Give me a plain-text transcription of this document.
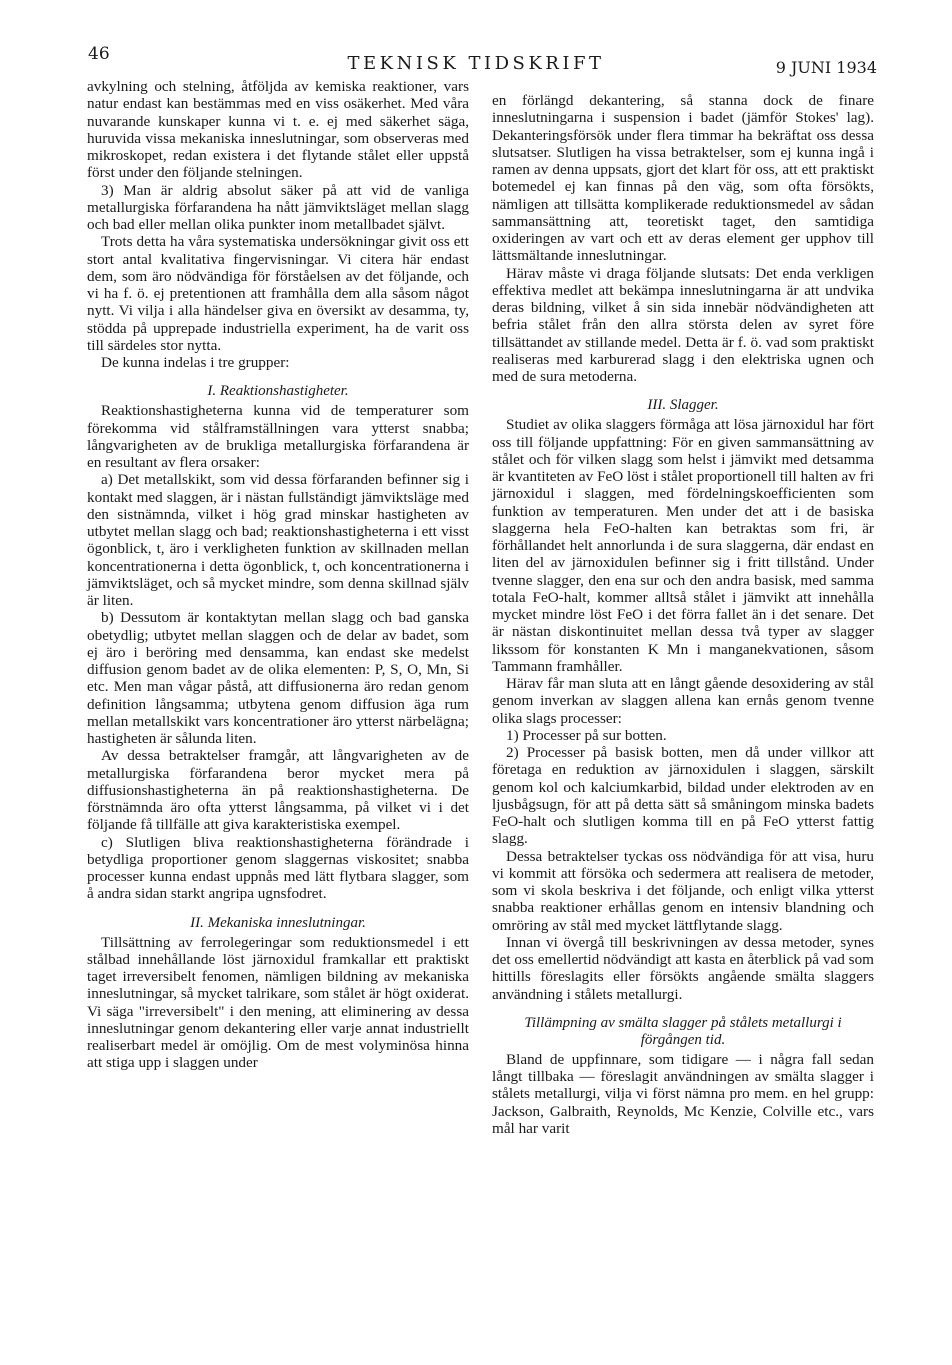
46	TEKNISK TIDSKRIFT	9 JUNI 1934

avkylning och stelning, åtföljda av kemiska reaktioner, vars natur endast kan bestämmas med en viss osäkerhet. Med våra nuvarande kunskaper kunna vi t. e. ej med säkerhet säga, huruvida vissa mekaniska inneslutningar, som observeras med mikroskopet, redan existera i det flytande stålet eller uppstå först under den följande stelningen.

3) Man är aldrig absolut säker på att vid de vanliga metallurgiska förfarandena ha nått jämviktsläget mellan slagg och bad eller mellan olika punkter inom metallbadet självt.

Trots detta ha våra systematiska undersökningar givit oss ett stort antal kvalitativa fingervisningar. Vi citera här endast dem, som äro nödvändiga för förståelsen av det följande, och vi ha f. ö. ej pretentionen att framhålla dem alla såsom något nytt. Vi vilja i alla händelser giva en översikt av desamma, ty, stödda på upprepade industriella experiment, ha de varit oss till särdeles stor nytta.

De kunna indelas i tre grupper:

I. Reaktionshastigheter.

Reaktionshastigheterna kunna vid de temperaturer som förekomma vid stålframställningen vara ytterst snabba; långvarigheten av de brukliga metallurgiska förfarandena är en resultant av flera orsaker:

a) Det metallskikt, som vid dessa förfaranden befinner sig i kontakt med slaggen, är i nästan fullständigt jämviktsläge med den sistnämnda, vilket i hög grad minskar hastigheten av utbytet mellan slagg och bad; reaktionshastigheterna i ett visst ögonblick, t, äro i verkligheten funktion av skillnaden mellan koncentrationerna i detta ögonblick, t, och koncentrationerna i jämviktsläget, och så mycket mindre, som denna skillnad själv är liten.

b) Dessutom är kontaktytan mellan slagg och bad ganska obetydlig; utbytet mellan slaggen och de delar av badet, som ej äro i beröring med densamma, kan endast ske medelst diffusion genom badet av de olika elementen: P, S, O, Mn, Si etc. Men man vågar påstå, att diffusionerna äro redan genom definition långsamma; utbytena genom diffusion äga rum mellan metallskikt vars koncentrationer äro ytterst närbelägna; hastigheten är sålunda liten.

Av dessa betraktelser framgår, att långvarigheten av de metallurgiska förfarandena beror mycket mera på diffusionshastigheterna än på reaktionshastigheterna. De förstnämnda äro ofta ytterst långsamma, på vilket vi i det följande få tillfälle att giva karakteristiska exempel.

c) Slutligen bliva reaktionshastigheterna förändrade i betydliga proportioner genom slaggernas viskositet; snabba processer kunna endast uppnås med lätt flytbara slagger, som å andra sidan starkt angripa ugnsfodret.

II. Mekaniska inneslutningar.

Tillsättning av ferrolegeringar som reduktionsmedel i ett stålbad innehållande löst järnoxidul framkallar ett praktiskt taget irreversibelt fenomen, nämligen bildning av mekaniska inneslutningar, så mycket talrikare, som stålet är högt oxiderat. Vi säga "irreversibelt" i den mening, att eliminering av dessa inneslutningar genom dekantering eller varje annat industriellt realiserbart medel är omöjlig. Om de mest volyminösa hinna att stiga upp i slaggen under

en förlängd dekantering, så stanna dock de finare inneslutningarna i suspension i badet (jämför Stokes' lag). Dekanteringsförsök under flera timmar ha bekräftat oss dessa slutsatser. Slutligen ha vissa betraktelser, som ej kunna ingå i ramen av denna uppsats, gjort det klart för oss, att ett praktiskt botemedel ej kan finnas på den väg, som ofta försökts, nämligen att tillsätta komplikerade reduktionsmedel av sådan sammansättning att, teoretiskt taget, den samtidiga oxideringen av vart och ett av deras element ger upphov till lättsmältande inneslutningar.

Härav måste vi draga följande slutsats: Det enda verkligen effektiva medlet att bekämpa inneslutningarna är att undvika deras bildning, vilket å sin sida innebär nödvändigheten att befria stålet från den allra största delen av syret före tillsättandet av stillande medel. Detta är f. ö. vad som praktiskt realiseras med karburerad slagg i den elektriska ugnen och med de sura metoderna.

III. Slagger.

Studiet av olika slaggers förmåga att lösa järnoxidul har fört oss till följande uppfattning: För en given sammansättning av stålet och för vilken slagg som helst i jämvikt med detsamma är kvantiteten av FeO löst i stålet proportionell till halten av fri järnoxidul i slaggen, med fördelningskoefficienten som funktion av temperaturen. Men under det att i de basiska slaggerna hela FeO-halten kan betraktas som fri, är förhållandet helt annorlunda i de sura slaggerna, där endast en liten del av järnoxidulen befinner sig i fritt tillstånd. Under tvenne slagger, den ena sur och den andra basisk, med samma totala FeO-halt, kommer alltså stålet i jämvikt att innehålla mycket mindre löst FeO i det förra fallet än i det senare. Det är nästan diskontinuitet mellan dessa två typer av slagger likssom för konstanten K Mn i manganekvationen, såsom Tammann framhåller.

Härav får man sluta att en långt gående desoxidering av stål genom inverkan av slaggen allena kan ernås genom tvenne olika slags processer:

1) Processer på sur botten.

2) Processer på basisk botten, men då under villkor att företaga en reduktion av järnoxidulen i slaggen, särskilt genom kol och kalciumkarbid, bildad under elektroden av en ljusbågsugn, för att på detta sätt så småningom minska badets FeO-halt och slutligen komma till en på FeO ytterst fattig slagg.

Dessa betraktelser tyckas oss nödvändiga för att visa, huru vi kommit att försöka och sedermera att realisera de metoder, som vi skola beskriva i det följande, och enligt vilka ytterst snabba reaktioner erhållas genom en intensiv blandning och omröring av stål med mycket lättflytande slagg.

Innan vi övergå till beskrivningen av dessa metoder, synes det oss emellertid nödvändigt att kasta en återblick på vad som hittills föreslagits eller försökts angående smälta slaggers användning i stålets metallurgi.

Tillämpning av smälta slagger på stålets metallurgi i förgången tid.

Bland de uppfinnare, som tidigare — i några fall sedan långt tillbaka — föreslagit användningen av smälta slagger i stålets metallurgi, vilja vi först nämna pro mem. en hel grupp: Jackson, Galbraith, Reynolds, Mc Kenzie, Colville etc., vars mål har varit
